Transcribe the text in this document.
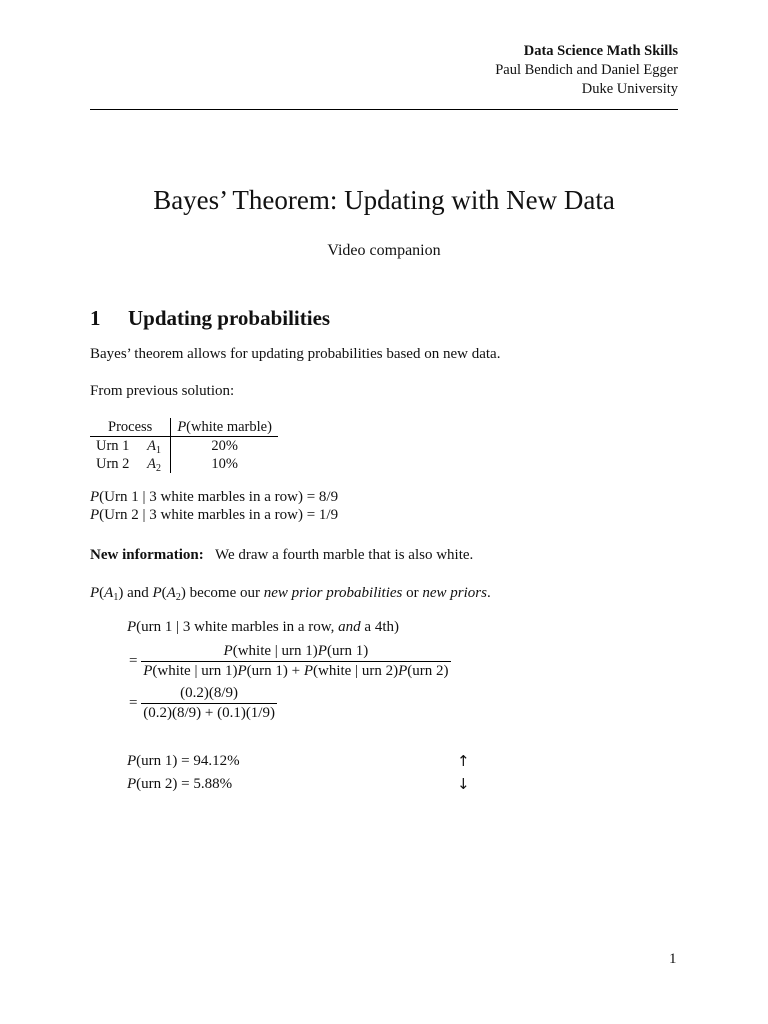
Data Science Math Skills
Paul Bendich and Daniel Egger
Duke University
Bayes’ Theorem: Updating with New Data
Video companion
1 Updating probabilities
Bayes’ theorem allows for updating probabilities based on new data.
From previous solution:
Process		P(white marble)
Urn 1	$A_1$	20%
Urn 2	$A_2$	10%
P(Urn 1 | 3 white marbles in a row) = 8/9
P(Urn 2 | 3 white marbles in a row) = 1/9
New information: We draw a fourth marble that is also white.
$P(A_1)$ and $P(A_2)$ become our new prior probabilities or new priors.
P(urn 1 | 3 white marbles in a row, and a 4th)
= $\frac{\text{P(white | urn 1)P(urn 1)}}{\text{P(white | urn 1)P(urn 1) + P(white | urn 2)P(urn 2)}}$
= $\frac{(0.2)(8/9)}{(0.2)(8/9) + (0.1)(1/9)}$
P(urn 1) = 94.12%	↑
P(urn 2) = 5.88%	↓
1
